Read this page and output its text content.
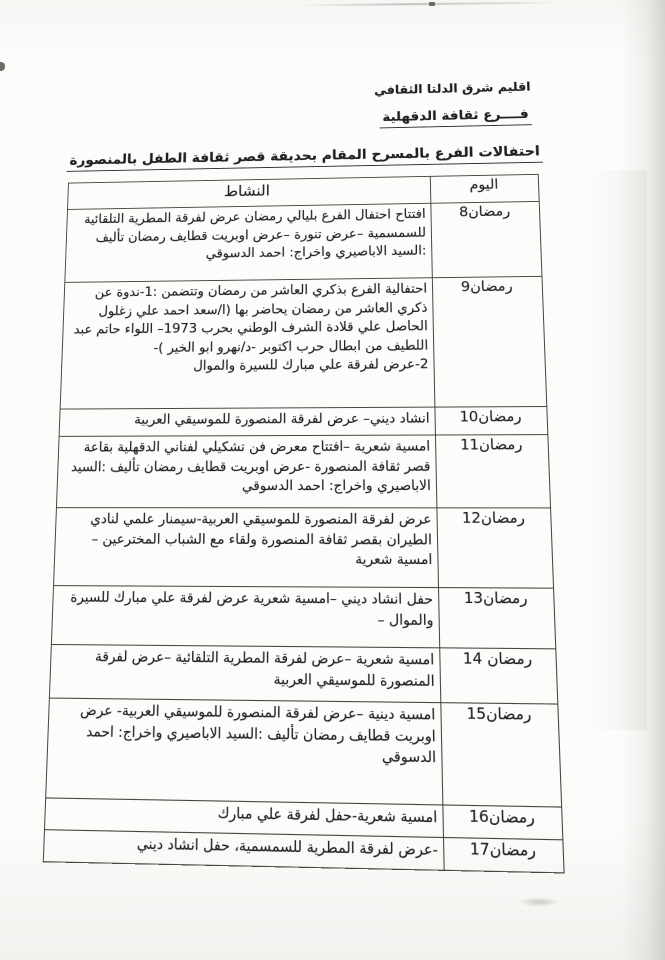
اقليم شرق الدلتا الثقافي
فــــرع ثقافة الدقهلية
احتفالات الفرع بالمسرح المقام بحديقة قصر ثقافة الطفل بالمنصورة
اليوم	النشاط
8رمضان	افتتاح احتفال الفرع بليالي رمضان عرض لفرقة المطرية التلقائية للسمسمية –عرض تنورة –عرض اوبريت قطايف رمضان تأليف :السيد الاباصيري واخراج: احمد الدسوقي
9رمضان	احتفالية الفرع بذكري العاشر من رمضان وتتضمن :1-ندوة عن ذكري العاشر من رمضان يحاضر بها (ا/سعد احمد علي زغلول الحاصل علي قلادة الشرف الوطني بحرب 1973– اللواء حاتم عبد اللطيف من ابطال حرب اكتوبر -د/نهرو ابو الخير )-
2-عرض لفرقة علي مبارك للسيرة والموال
10رمضان	انشاد ديني– عرض لفرقة المنصورة للموسيقي العربية
11رمضان	امسية شعرية –افتتاح معرض فن تشكيلي لفناني الدقهلية بقاعة قصر ثقافة المنصورة -عرض اوبريت قطايف رمضان تأليف :السيد الاباصيري واخراج: احمد الدسوقي
12رمضان	عرض لفرقة المنصورة للموسيقي العربية-سيمنار علمي لنادي الطيران بقصر ثقافة المنصورة ولقاء مع الشباب المخترعين –امسية شعرية
13رمضان	حفل انشاد ديني –امسية شعرية عرض لفرقة علي مبارك للسيرة والموال –
14 رمضان	امسية شعرية –عرض لفرقة المطرية التلقائية –عرض لفرقة المنصورة للموسيقي العربية
15رمضان	امسية دينية –عرض لفرقة المنصورة للموسيقي العربية- عرض اوبريت قطايف رمضان تأليف :السيد الاباصيري واخراج: احمد الدسوقي
16رمضان	امسية شعرية-حفل لفرقة علي مبارك
17رمضان	-عرض لفرقة المطرية للسمسمية، حفل انشاد ديني
